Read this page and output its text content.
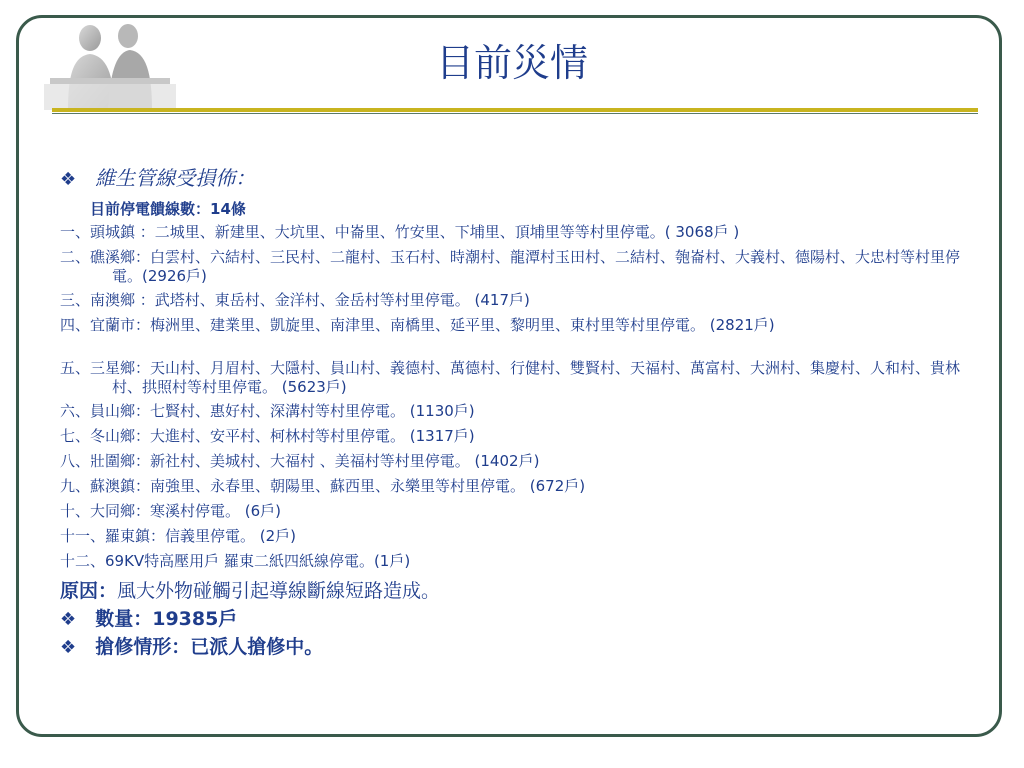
目前災情
❖ 維生管線受損佈：
目前停電饋線數：14條
一、頭城鎮 ：二城里、新建里、大坑里、中崙里、竹安里、下埔里、頂埔里等等村里停電。( 3068戶 )
二、礁溪鄉：白雲村、六結村、三民村、二龍村、玉石村、時潮村、龍潭村玉田村、二結村、匏崙村、大義村、德陽村、大忠村等村里停電。(2926戶)
三、南澳鄉 ：武塔村、東岳村、金洋村、金岳村等村里停電。 (417戶)
四、宜蘭市：梅洲里、建業里、凱旋里、南津里、南橋里、延平里、黎明里、東村里等村里停電。 (2821戶)
五、三星鄉：天山村、月眉村、大隱村、員山村、義德村、萬德村、行健村、雙賢村、天福村、萬富村、大洲村、集慶村、人和村、貴林村、拱照村等村里停電。 (5623戶)
六、員山鄉：七賢村、惠好村、深溝村等村里停電。 (1130戶)
七、冬山鄉：大進村、安平村、柯林村等村里停電。 (1317戶)
八、壯圍鄉：新社村、美城村、大福村 、美福村等村里停電。 (1402戶)
九、蘇澳鎮：南強里、永春里、朝陽里、蘇西里、永樂里等村里停電。 (672戶)
十、大同鄉：寒溪村停電。 (6戶)
十一、羅東鎮：信義里停電。 (2戶)
十二、69KV特高壓用戶 羅東二紙四紙線停電。(1戶)
原因：風大外物碰觸引起導線斷線短路造成。
❖ 數量：19385戶
❖ 搶修情形：已派人搶修中。
